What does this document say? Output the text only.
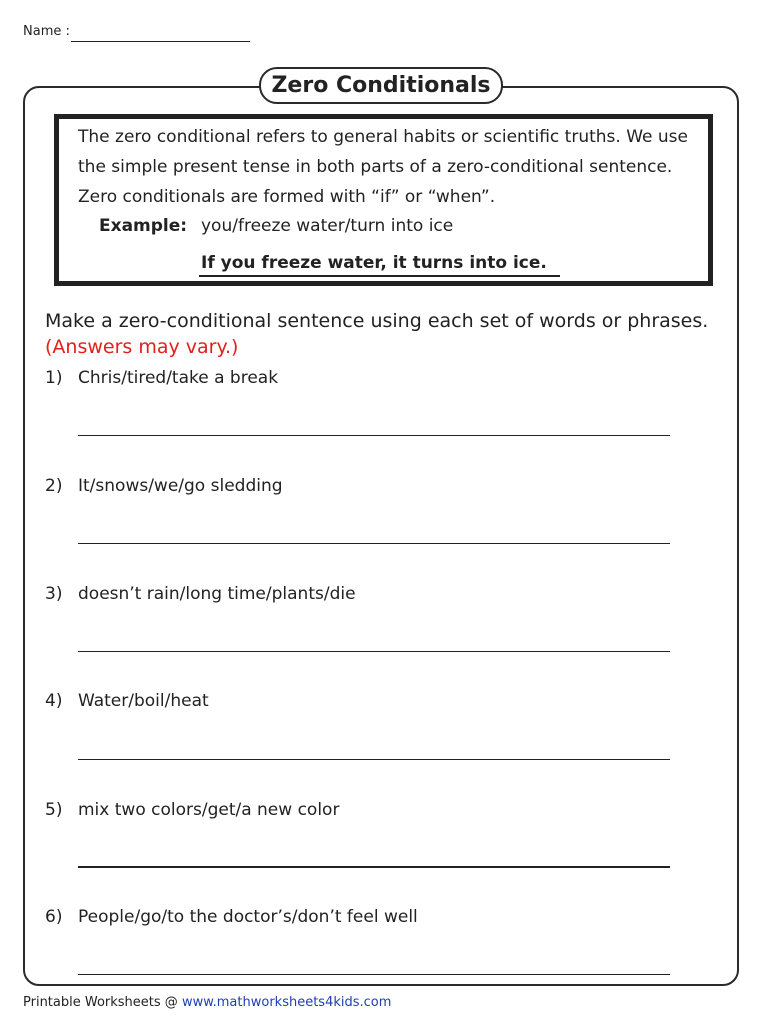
Name :
Zero Conditionals
The zero conditional refers to general habits or scientific truths. We use
the simple present tense in both parts of a zero-conditional sentence.
Zero conditionals are formed with “if” or “when”.
Example: you/freeze water/turn into ice
If you freeze water, it turns into ice.
Make a zero-conditional sentence using each set of words or phrases.
(Answers may vary.)
1) Chris/tired/take a break
2) It/snows/we/go sledding
3) doesn’t rain/long time/plants/die
4) Water/boil/heat
5) mix two colors/get/a new color
6) People/go/to the doctor’s/don’t feel well
Printable Worksheets @ www.mathworksheets4kids.com
